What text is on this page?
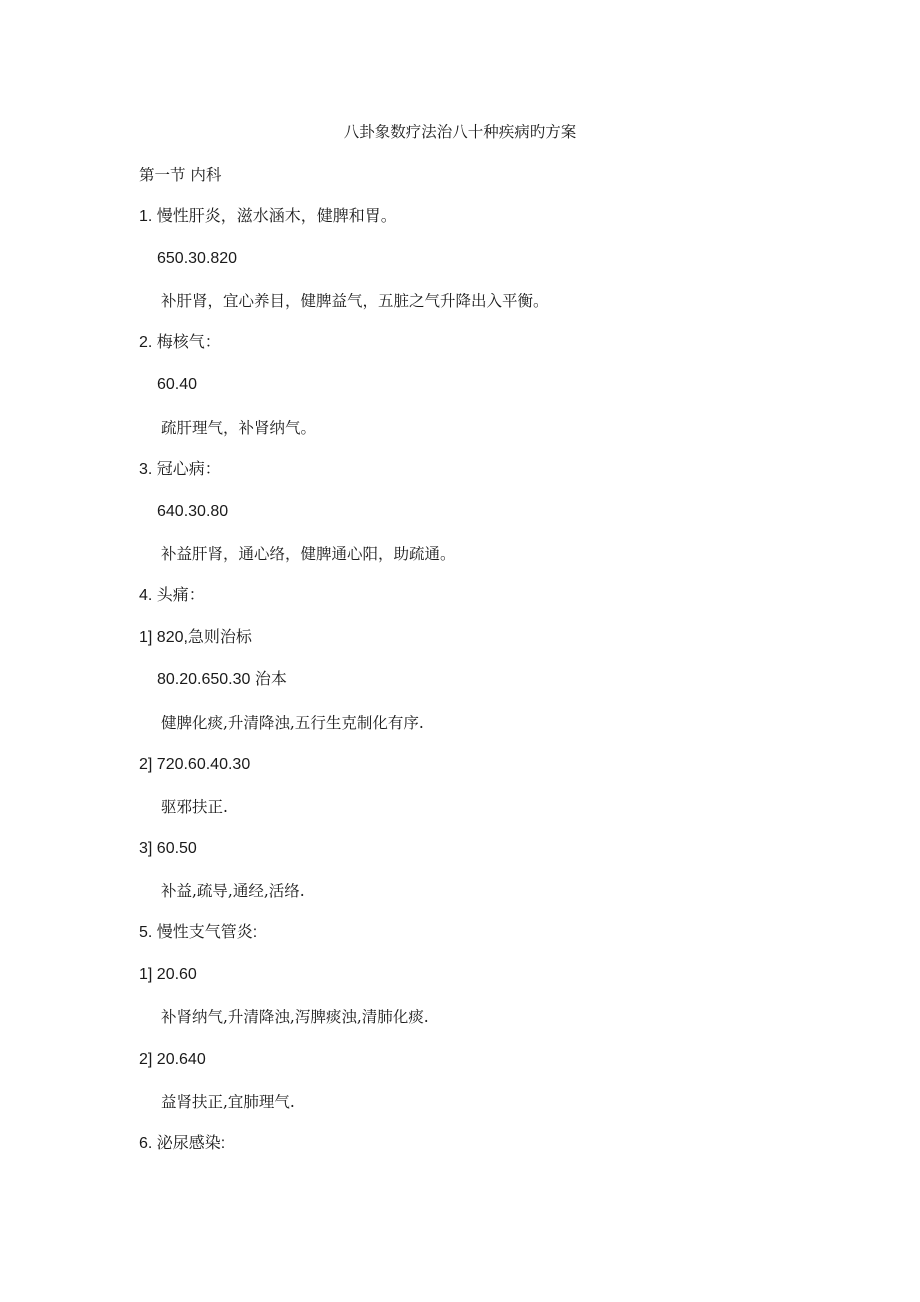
八卦象数疗法治八十种疾病旳方案
第一节 内科
1. 慢性肝炎，滋水涵木，健脾和胃。
650.30.820
补肝肾，宜心养目，健脾益气，五脏之气升降出入平衡。
2. 梅核气：
60.40
疏肝理气，补肾纳气。
3. 冠心病：
640.30.80
补益肝肾，通心络，健脾通心阳，助疏通。
4. 头痛：
1] 820,急则治标
80.20.650.30 治本
健脾化痰,升清降浊,五行生克制化有序.
2] 720.60.40.30
驱邪扶正.
3] 60.50
补益,疏导,通经,活络.
5. 慢性支气管炎:
1] 20.60
补肾纳气,升清降浊,泻脾痰浊,清肺化痰.
2] 20.640
益肾扶正,宜肺理气.
6. 泌尿感染:
